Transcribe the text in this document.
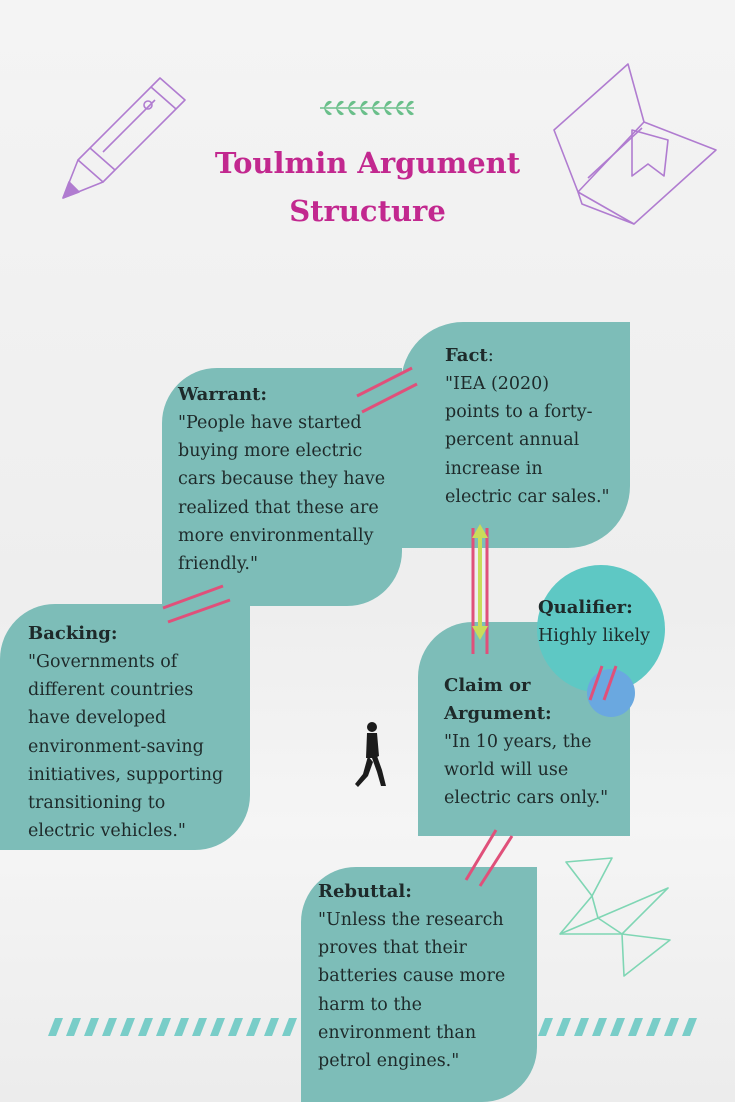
Toulmin Argument
Structure
Fact:
"IEA (2020)
points to a forty-
percent annual
increase in
electric car sales."
Warrant:
"People have started
buying more electric
cars because they have
realized that these are
more environmentally
friendly."
Backing:
"Governments of
different countries
have developed
environment-saving
initiatives, supporting
transitioning to
electric vehicles."
Qualifier:
Highly likely
Claim or
Argument:
"In 10 years, the
world will use
electric cars only."
Rebuttal:
"Unless the research
proves that their
batteries cause more
harm to the
environment than
petrol engines."
